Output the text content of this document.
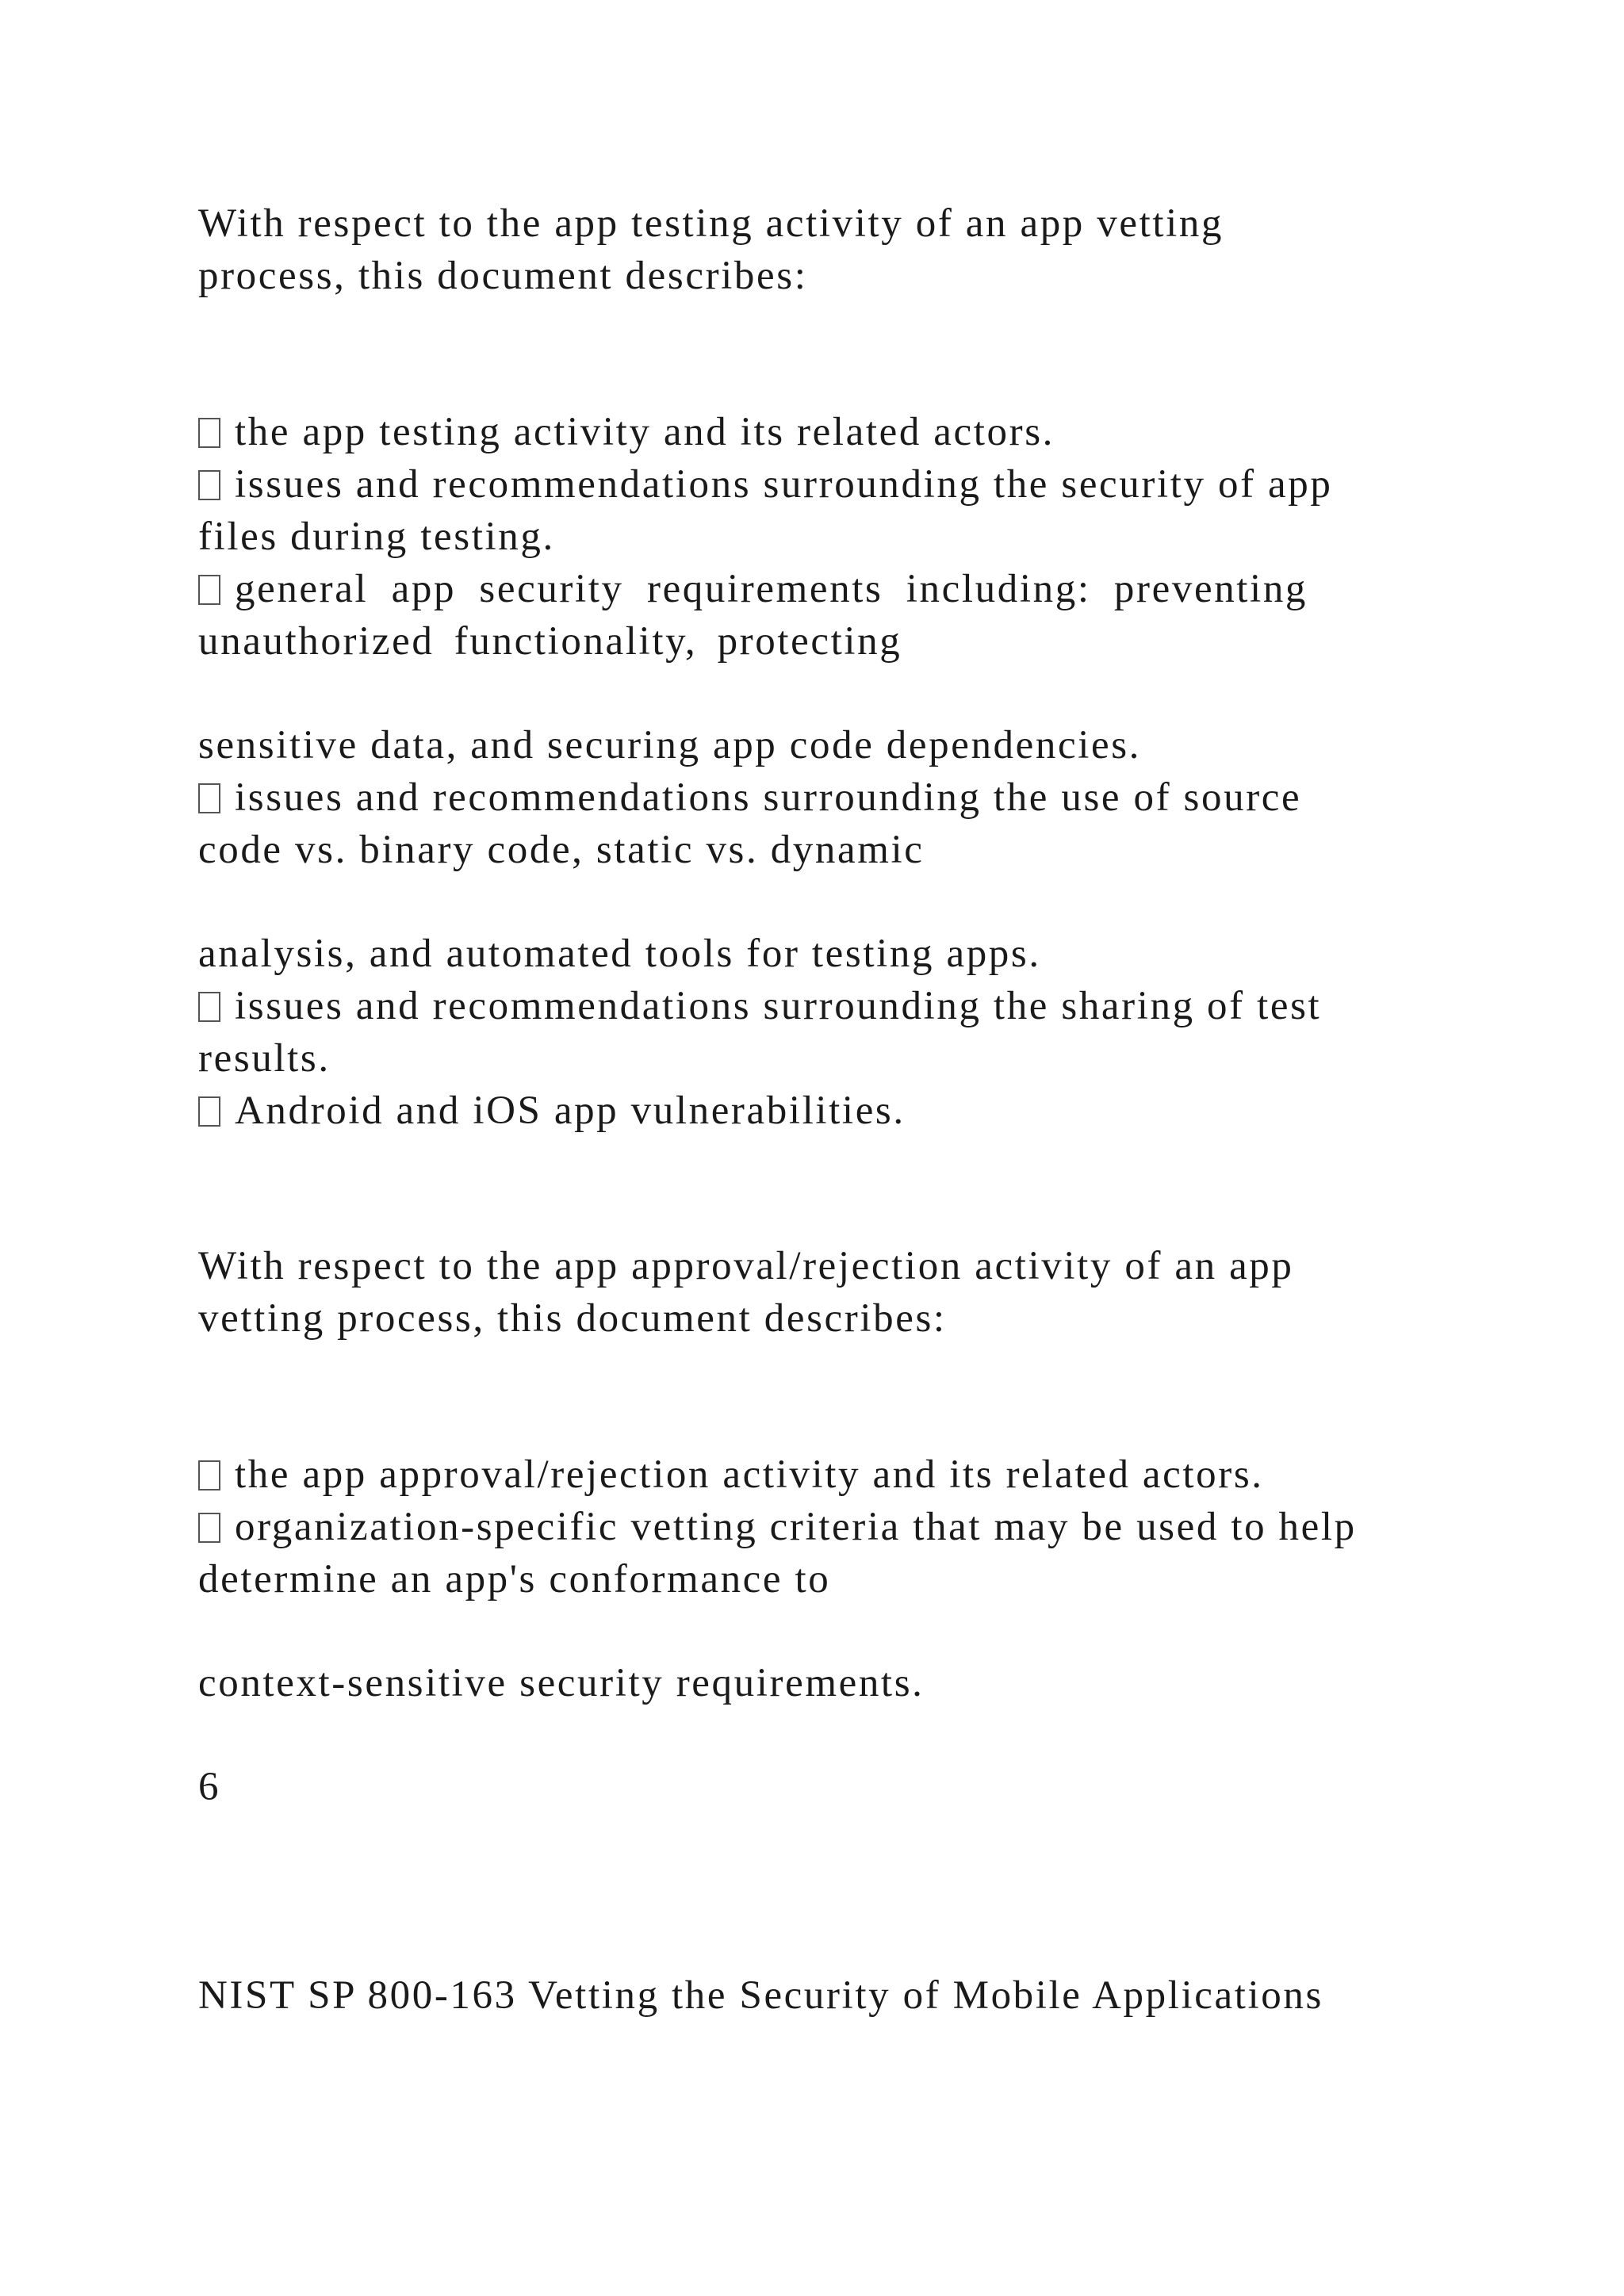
With respect to the app testing activity of an app vetting

process, this document describes:

the app testing activity and its related actors.

issues and recommendations surrounding the security of app

files during testing.

general app security requirements including: preventing

unauthorized functionality, protecting

sensitive data, and securing app code dependencies.

issues and recommendations surrounding the use of source

code vs. binary code, static vs. dynamic

analysis, and automated tools for testing apps.

issues and recommendations surrounding the sharing of test

results.

Android and iOS app vulnerabilities.

With respect to the app approval/rejection activity of an app

vetting process, this document describes:

the app approval/rejection activity and its related actors.

organization-specific vetting criteria that may be used to help

determine an app's conformance to

context-sensitive security requirements.

6

NIST SP 800-163 Vetting the Security of Mobile Applications
